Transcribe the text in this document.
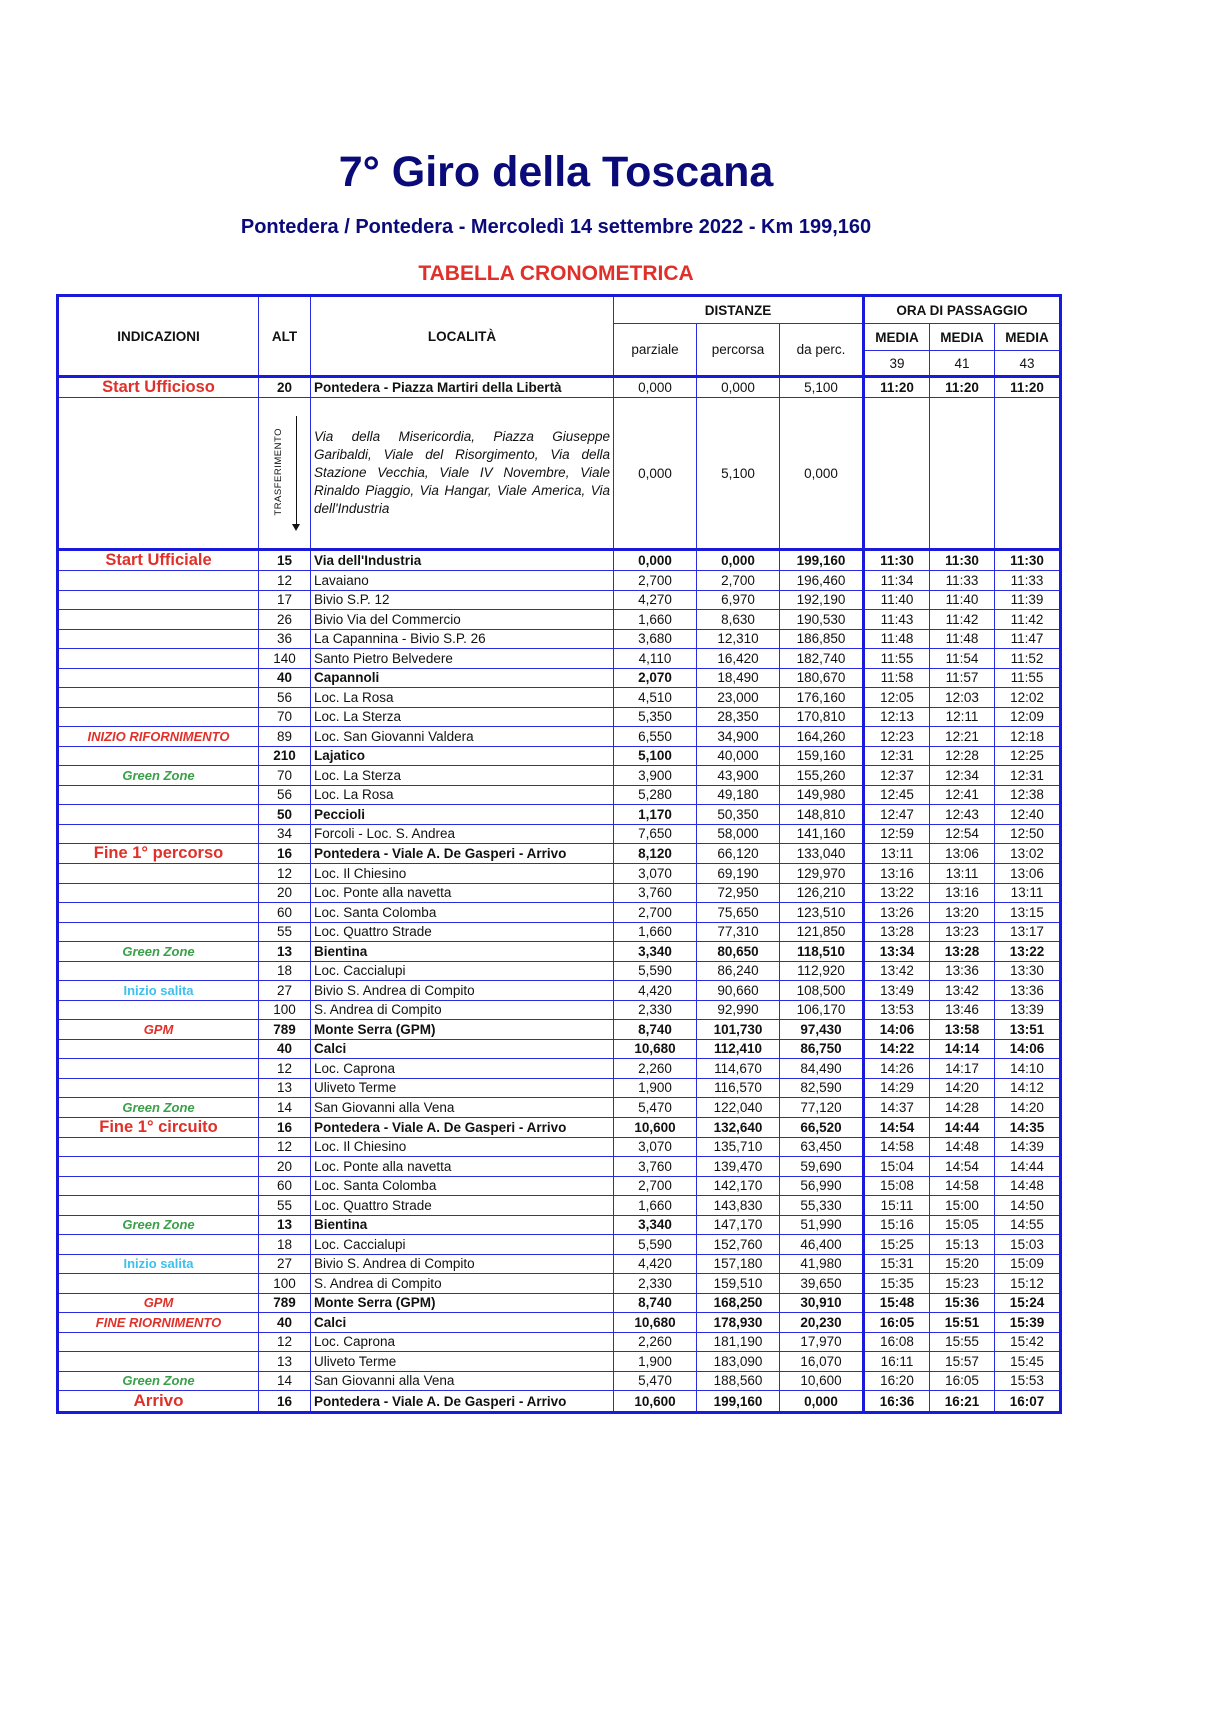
7° Giro della Toscana
Pontedera / Pontedera - Mercoledì 14 settembre 2022 - Km 199,160
TABELLA CRONOMETRICA
INDICAZIONI	ALT	LOCALITÀ	DISTANZE			ORA DI PASSAGGIO		
			parziale	percorsa	da perc.	MEDIA	MEDIA	MEDIA
						39	41	43
Start Ufficioso	20	Pontedera - Piazza Martiri della Libertà	0,000	0,000	5,100	11:20	11:20	11:20

	TRASFERIMENTO	Via della Misericordia, Piazza Giuseppe Garibaldi, Viale del Risorgimento, Via della Stazione Vecchia, Viale IV Novembre, Viale Rinaldo Piaggio, Via Hangar, Viale America, Via dell'Industria	0,000	5,100	0,000			
Start Ufficiale	15	Via dell'Industria	0,000	0,000	199,160	11:30	11:30	11:30
	12	Lavaiano	2,700	2,700	196,460	11:34	11:33	11:33
	17	Bivio S.P. 12	4,270	6,970	192,190	11:40	11:40	11:39
	26	Bivio Via del Commercio	1,660	8,630	190,530	11:43	11:42	11:42
	36	La Capannina - Bivio S.P. 26	3,680	12,310	186,850	11:48	11:48	11:47
	140	Santo Pietro Belvedere	4,110	16,420	182,740	11:55	11:54	11:52
	40	Capannoli	2,070	18,490	180,670	11:58	11:57	11:55
	56	Loc. La Rosa	4,510	23,000	176,160	12:05	12:03	12:02
	70	Loc. La Sterza	5,350	28,350	170,810	12:13	12:11	12:09
INIZIO RIFORNIMENTO	89	Loc. San Giovanni Valdera	6,550	34,900	164,260	12:23	12:21	12:18
	210	Lajatico	5,100	40,000	159,160	12:31	12:28	12:25
Green Zone	70	Loc. La Sterza	3,900	43,900	155,260	12:37	12:34	12:31
	56	Loc. La Rosa	5,280	49,180	149,980	12:45	12:41	12:38
	50	Peccioli	1,170	50,350	148,810	12:47	12:43	12:40
	34	Forcoli - Loc. S. Andrea	7,650	58,000	141,160	12:59	12:54	12:50
Fine 1° percorso	16	Pontedera - Viale A. De Gasperi - Arrivo	8,120	66,120	133,040	13:11	13:06	13:02
	12	Loc. Il Chiesino	3,070	69,190	129,970	13:16	13:11	13:06
	20	Loc. Ponte alla navetta	3,760	72,950	126,210	13:22	13:16	13:11
	60	Loc. Santa Colomba	2,700	75,650	123,510	13:26	13:20	13:15
	55	Loc. Quattro Strade	1,660	77,310	121,850	13:28	13:23	13:17
Green Zone	13	Bientina	3,340	80,650	118,510	13:34	13:28	13:22
	18	Loc. Caccialupi	5,590	86,240	112,920	13:42	13:36	13:30
Inizio salita	27	Bivio S. Andrea di Compito	4,420	90,660	108,500	13:49	13:42	13:36
	100	S. Andrea di Compito	2,330	92,990	106,170	13:53	13:46	13:39
GPM	789	Monte Serra (GPM)	8,740	101,730	97,430	14:06	13:58	13:51
	40	Calci	10,680	112,410	86,750	14:22	14:14	14:06
	12	Loc. Caprona	2,260	114,670	84,490	14:26	14:17	14:10
	13	Uliveto Terme	1,900	116,570	82,590	14:29	14:20	14:12
Green Zone	14	San Giovanni alla Vena	5,470	122,040	77,120	14:37	14:28	14:20
Fine 1° circuito	16	Pontedera - Viale A. De Gasperi - Arrivo	10,600	132,640	66,520	14:54	14:44	14:35
	12	Loc. Il Chiesino	3,070	135,710	63,450	14:58	14:48	14:39
	20	Loc. Ponte alla navetta	3,760	139,470	59,690	15:04	14:54	14:44
	60	Loc. Santa Colomba	2,700	142,170	56,990	15:08	14:58	14:48
	55	Loc. Quattro Strade	1,660	143,830	55,330	15:11	15:00	14:50
Green Zone	13	Bientina	3,340	147,170	51,990	15:16	15:05	14:55
	18	Loc. Caccialupi	5,590	152,760	46,400	15:25	15:13	15:03
Inizio salita	27	Bivio S. Andrea di Compito	4,420	157,180	41,980	15:31	15:20	15:09
	100	S. Andrea di Compito	2,330	159,510	39,650	15:35	15:23	15:12
GPM	789	Monte Serra (GPM)	8,740	168,250	30,910	15:48	15:36	15:24
FINE RIORNIMENTO	40	Calci	10,680	178,930	20,230	16:05	15:51	15:39
	12	Loc. Caprona	2,260	181,190	17,970	16:08	15:55	15:42
	13	Uliveto Terme	1,900	183,090	16,070	16:11	15:57	15:45
Green Zone	14	San Giovanni alla Vena	5,470	188,560	10,600	16:20	16:05	15:53
Arrivo	16	Pontedera - Viale A. De Gasperi - Arrivo	10,600	199,160	0,000	16:36	16:21	16:07
